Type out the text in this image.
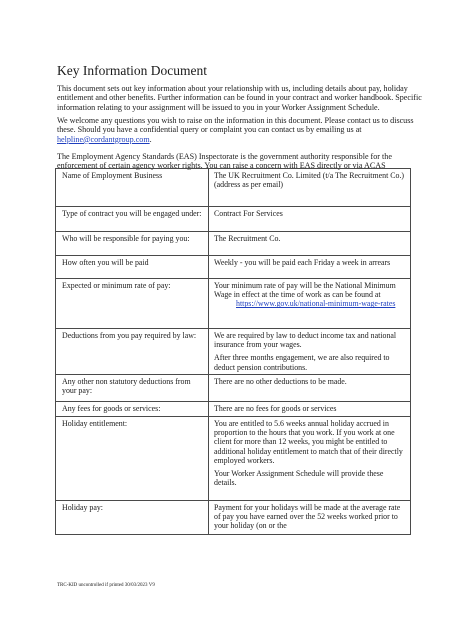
Key Information Document

This document sets out key information about your relationship with us, including details about pay, holiday entitlement and other benefits. Further information can be found in your contract and worker handbook. Specific information relating to your assignment will be issued to you in your Worker Assignment Schedule.

We welcome any questions you wish to raise on the information in this document. Please contact us to discuss these. Should you have a confidential query or complaint you can contact us by emailing us at helpline@cordantgroup.com.

The Employment Agency Standards (EAS) Inspectorate is the government authority responsible for the enforcement of certain agency worker rights. You can raise a concern with EAS directly or via ACAS

Name of Employment Business	The UK Recruitment Co. Limited (t/a The Recruitment Co.)
(address as per email)

Type of contract you will be engaged under:	Contract For Services

Who will be responsible for paying you:	The Recruitment Co.

How often you will be paid	Weekly - you will be paid each Friday a week in arrears

Expected or minimum rate of pay:	Your minimum rate of pay will be the National Minimum Wage in effect at the time of work as can be found at
https://www.gov.uk/national-minimum-wage-rates

Deductions from you pay required by law:	We are required by law to deduct income tax and national insurance from your wages.
After three months engagement, we are also required to deduct pension contributions.

Any other non statutory deductions from your pay:	There are no other deductions to be made.

Any fees for goods or services:	There are no fees for goods or services

Holiday entitlement:	You are entitled to 5.6 weeks annual holiday accrued in proportion to the hours that you work. If you work at one client for more than 12 weeks, you might be entitled to additional holiday entitlement to match that of their directly employed workers.
Your Worker Assignment Schedule will provide these details.

Holiday pay:	Payment for your holidays will be made at the average rate of pay you have earned over the 52 weeks worked prior to your holiday (on or the

TRC-KID uncontrolled if printed 30/03/2023 V9
